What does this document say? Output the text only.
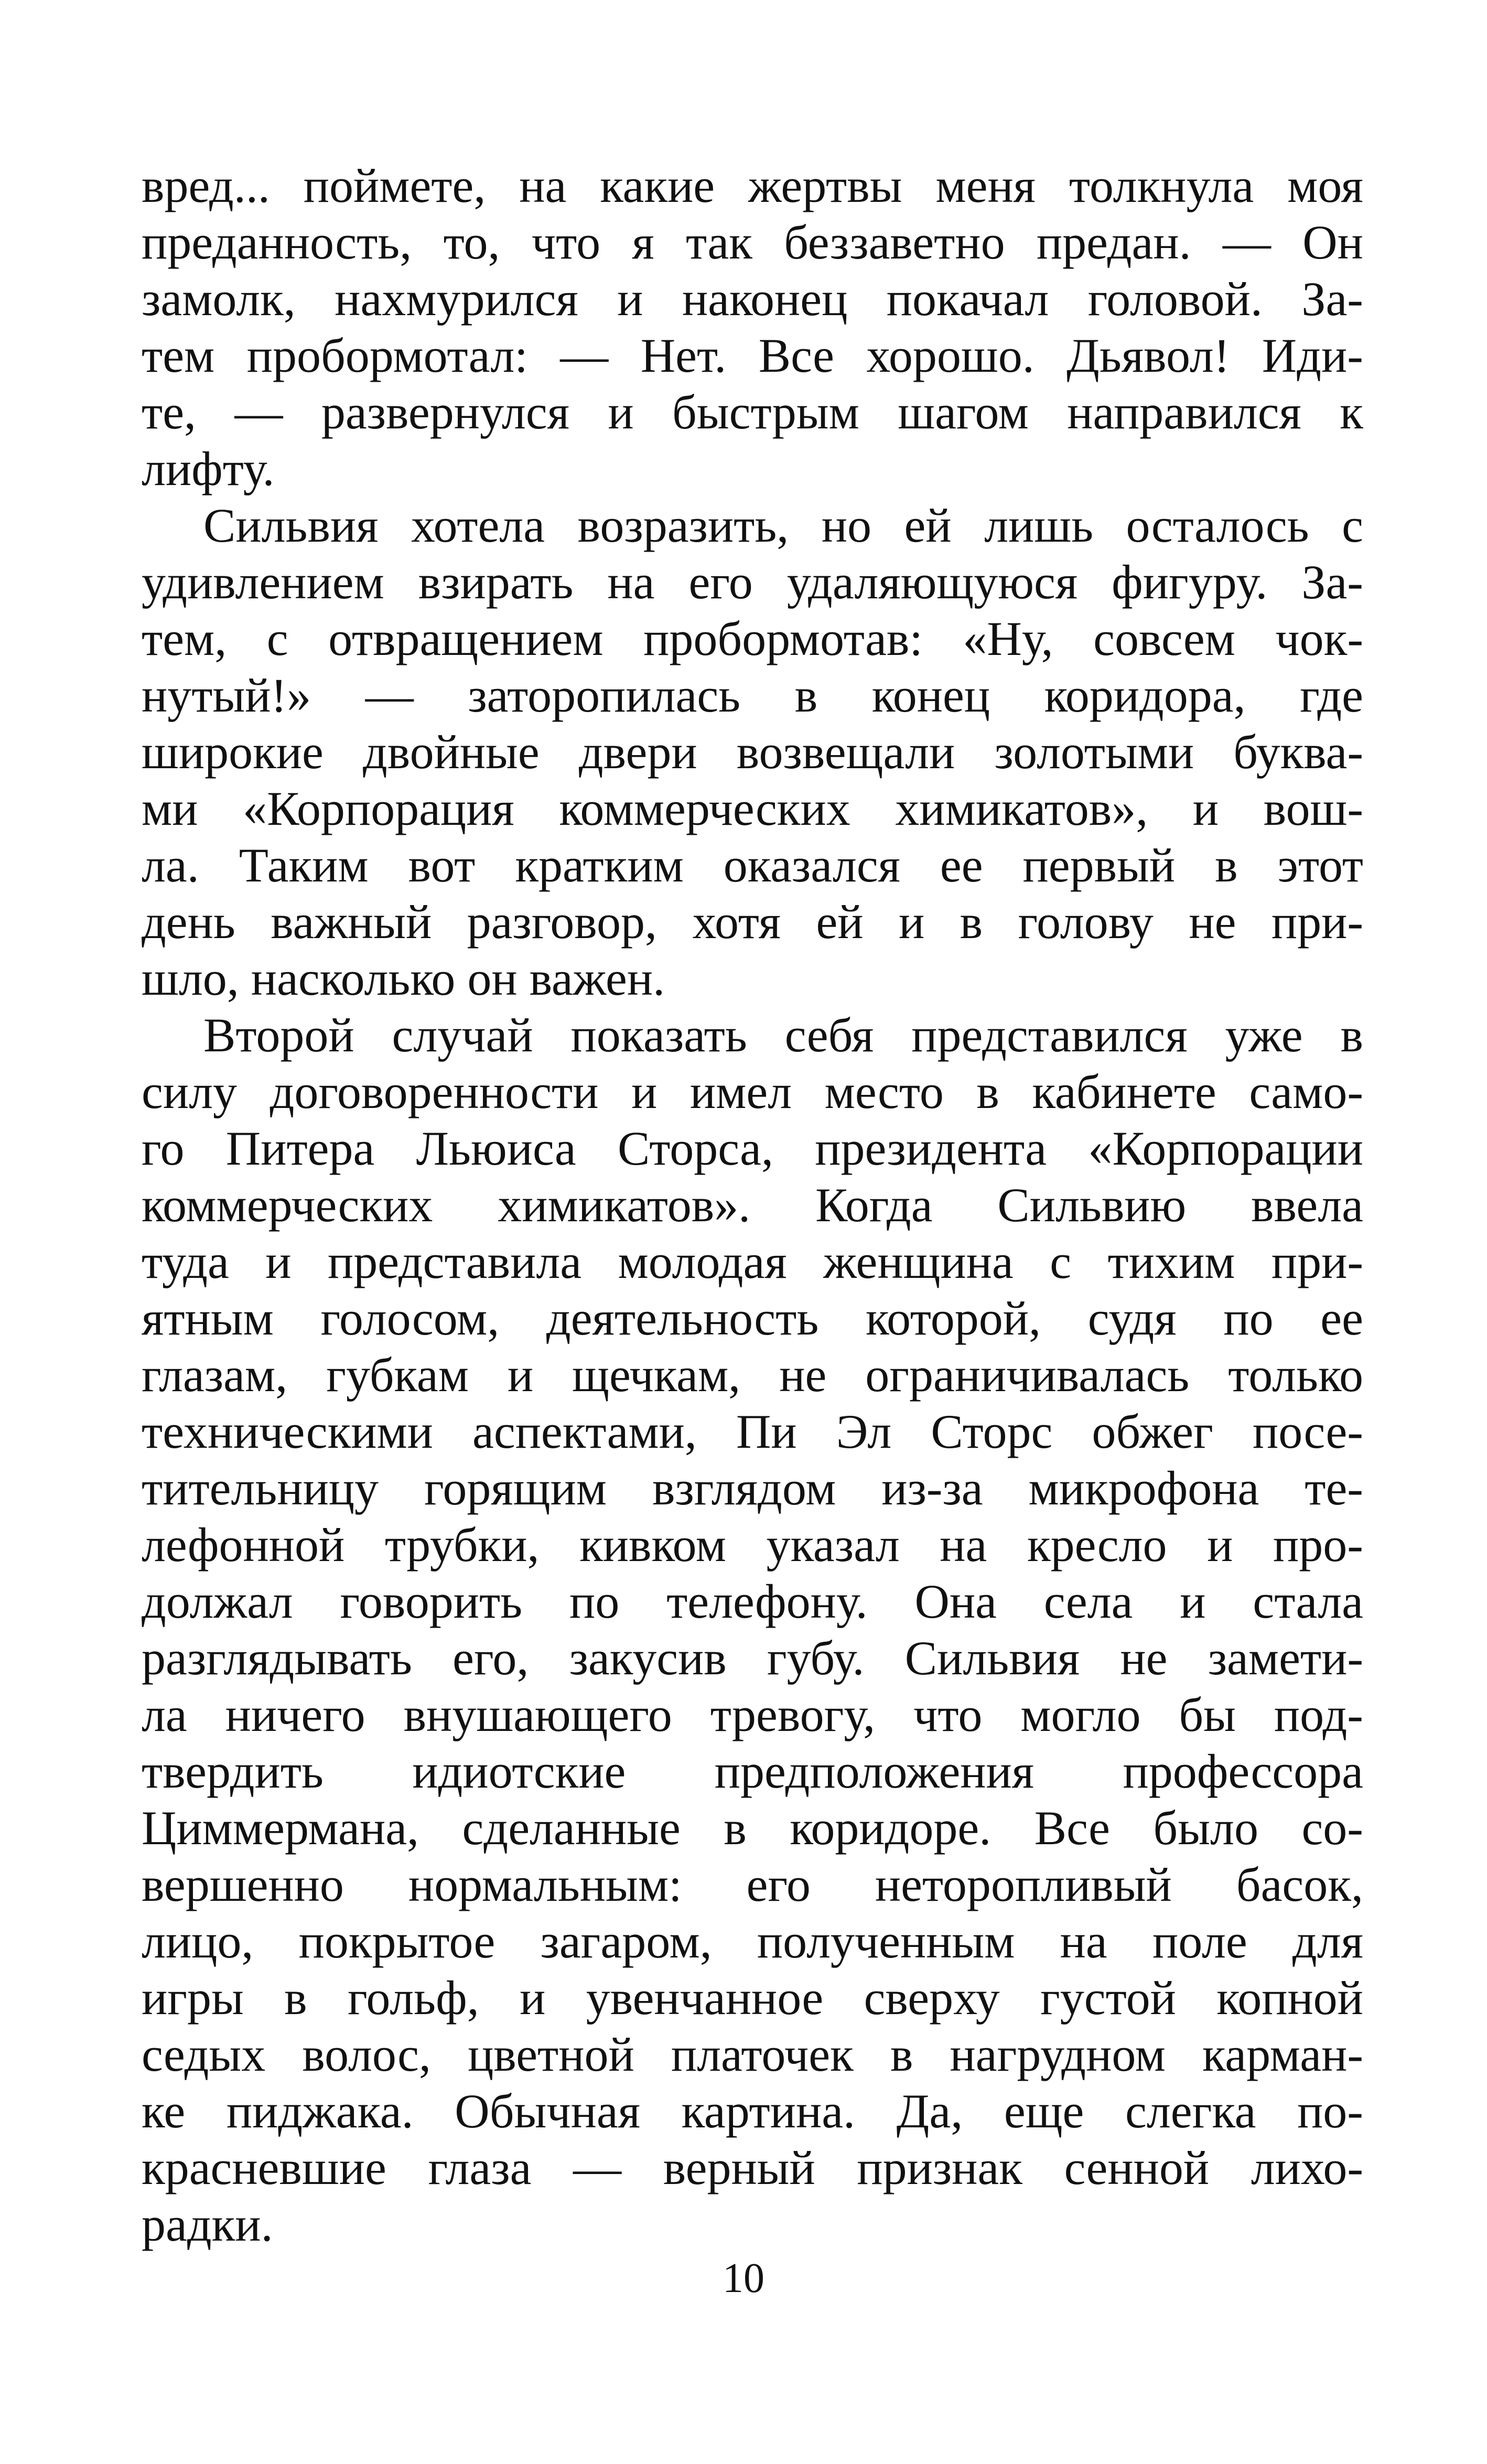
вред... поймете, на какие жертвы меня толкнула моя
преданность, то, что я так беззаветно предан. — Он
замолк, нахмурился и наконец покачал головой. За-
тем пробормотал: — Нет. Все хорошо. Дьявол! Иди-
те, — развернулся и быстрым шагом направился к
лифту.
Сильвия хотела возразить, но ей лишь осталось с
удивлением взирать на его удаляющуюся фигуру. За-
тем, с отвращением пробормотав: «Ну, совсем чок-
нутый!» — заторопилась в конец коридора, где
широкие двойные двери возвещали золотыми буква-
ми «Корпорация коммерческих химикатов», и вош-
ла. Таким вот кратким оказался ее первый в этот
день важный разговор, хотя ей и в голову не при-
шло, насколько он важен.
Второй случай показать себя представился уже в
силу договоренности и имел место в кабинете само-
го Питера Льюиса Сторса, президента «Корпорации
коммерческих химикатов». Когда Сильвию ввела
туда и представила молодая женщина с тихим при-
ятным голосом, деятельность которой, судя по ее
глазам, губкам и щечкам, не ограничивалась только
техническими аспектами, Пи Эл Сторс обжег посе-
тительницу горящим взглядом из-за микрофона те-
лефонной трубки, кивком указал на кресло и про-
должал говорить по телефону. Она села и стала
разглядывать его, закусив губу. Сильвия не замети-
ла ничего внушающего тревогу, что могло бы под-
твердить идиотские предположения профессора
Циммермана, сделанные в коридоре. Все было со-
вершенно нормальным: его неторопливый басок,
лицо, покрытое загаром, полученным на поле для
игры в гольф, и увенчанное сверху густой копной
седых волос, цветной платочек в нагрудном карман-
ке пиджака. Обычная картина. Да, еще слегка по-
красневшие глаза — верный признак сенной лихо-
радки.
10
